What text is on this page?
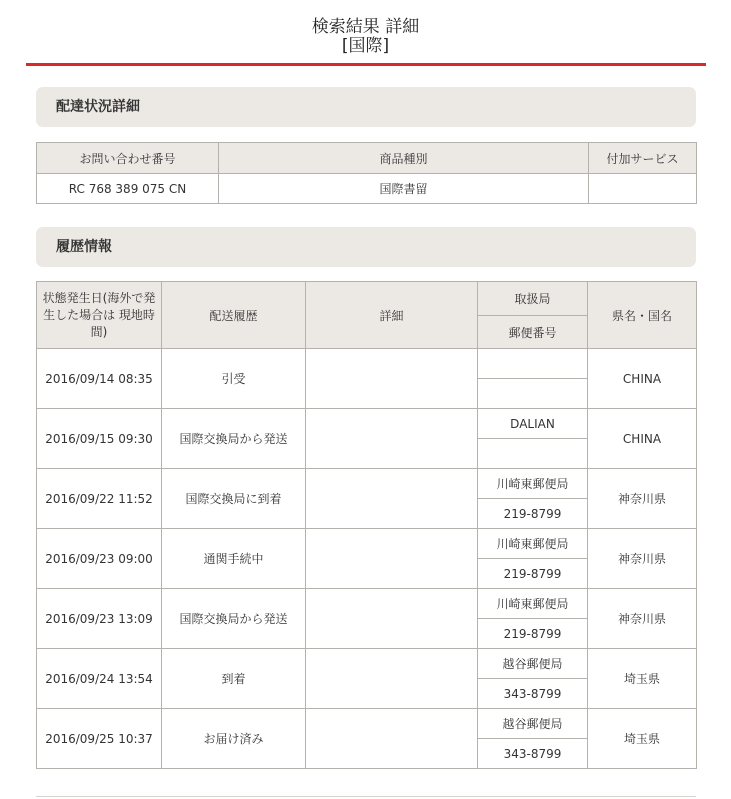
検索結果 詳細
[国際]
配達状況詳細
お問い合わせ番号	商品種別	付加サービス
RC 768 389 075 CN	国際書留	
履歴情報
状態発生日(海外で発生した場合は 現地時間)	配送履歴	詳細	取扱局	県名・国名
			郵便番号	
2016/09/14 08:35	引受			CHINA

2016/09/15 09:30	国際交換局から発送		DALIAN	CHINA

2016/09/22 11:52	国際交換局に到着		川崎東郵便局	神奈川県
			219-8799	
2016/09/23 09:00	通関手続中		川崎東郵便局	神奈川県
			219-8799	
2016/09/23 13:09	国際交換局から発送		川崎東郵便局	神奈川県
			219-8799	
2016/09/24 13:54	到着		越谷郵便局	埼玉県
			343-8799	
2016/09/25 10:37	お届け済み		越谷郵便局	埼玉県
			343-8799	
